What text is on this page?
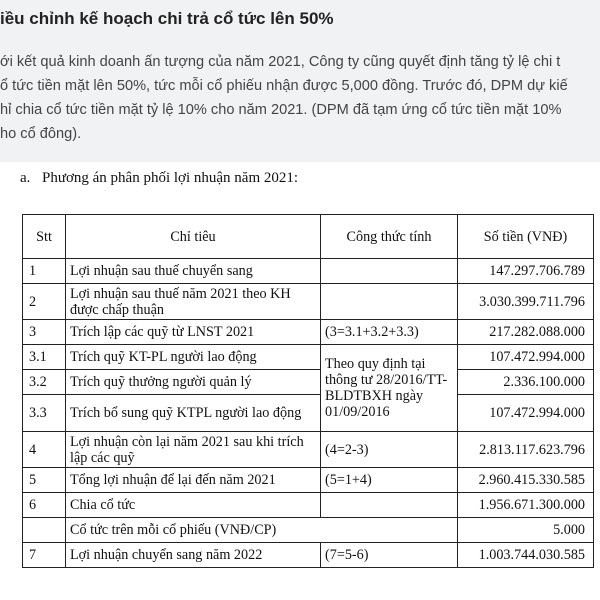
iều chỉnh kế hoạch chi trả cổ tức lên 50%

ới kết quả kinh doanh ấn tượng của năm 2021, Công ty cũng quyết định tăng tỷ lệ chi t
ổ tức tiền mặt lên 50%, tức mỗi cổ phiếu nhận được 5,000 đồng. Trước đó, DPM dự kiế
hỉ chia cổ tức tiền mặt tỷ lệ 10% cho năm 2021. (DPM đã tạm ứng cổ tức tiền mặt 10%
ho cổ đông).

a. Phương án phân phối lợi nhuận năm 2021:
Stt	Chỉ tiêu	Công thức tính	Số tiền (VNĐ)
1	Lợi nhuận sau thuế chuyển sang		147.297.706.789
2	Lợi nhuận sau thuế năm 2021 theo KH được chấp thuận		3.030.399.711.796
3	Trích lập các quỹ từ LNST 2021	(3=3.1+3.2+3.3)	217.282.088.000
3.1	Trích quỹ KT-PL người lao động	Theo quy định tại thông tư 28/2016/TT-BLDTBXH ngày 01/09/2016	107.472.994.000
3.2	Trích quỹ thưởng người quản lý		2.336.100.000
3.3	Trích bổ sung quỹ KTPL người lao động		107.472.994.000
4	Lợi nhuận còn lại năm 2021 sau khi trích lập các quỹ	(4=2-3)	2.813.117.623.796
5	Tổng lợi nhuận để lại đến năm 2021	(5=1+4)	2.960.415.330.585
6	Chia cổ tức		1.956.671.300.000
	Cổ tức trên mỗi cổ phiếu (VNĐ/CP)		5.000
7	Lợi nhuận chuyển sang năm 2022	(7=5-6)	1.003.744.030.585
